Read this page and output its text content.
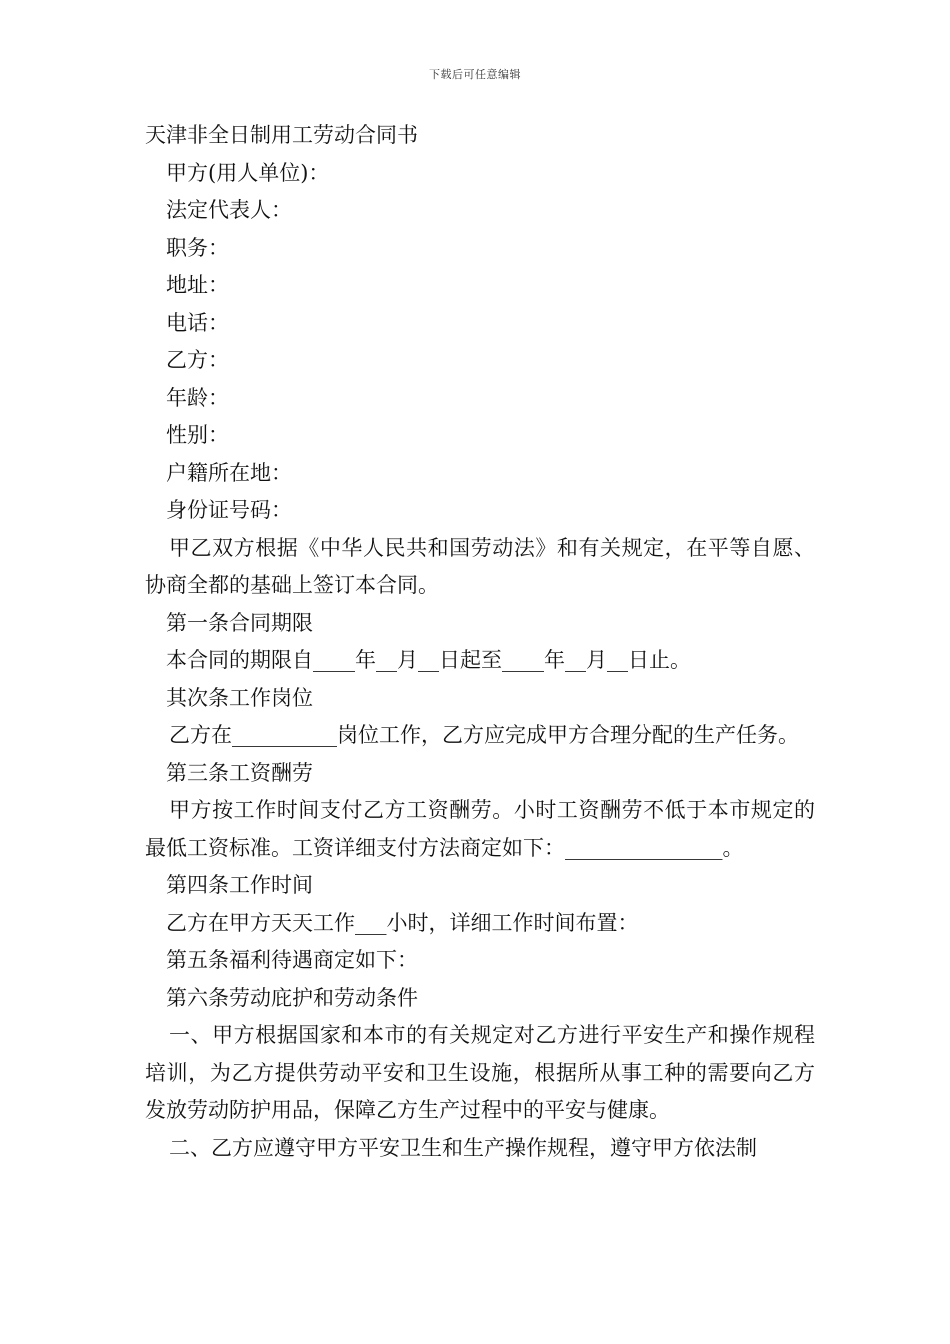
下载后可任意编辑
天津非全日制用工劳动合同书
甲方(用人单位)：
法定代表人：
职务：
地址：
电话：
乙方：
年龄：
性别：
户籍所在地：
身份证号码：

甲乙双方根据《中华人民共和国劳动法》和有关规定，在平等自愿、协商全都的基础上签订本合同。

第一条合同期限
本合同的期限自____年__月__日起至____年__月__日止。
其次条工作岗位

乙方在__________岗位工作，乙方应完成甲方合理分配的生产任务。

第三条工资酬劳

甲方按工作时间支付乙方工资酬劳。小时工资酬劳不低于本市规定的最低工资标准。工资详细支付方法商定如下：_______________。

第四条工作时间
乙方在甲方天天工作___小时，详细工作时间布置：
第五条福利待遇商定如下：
第六条劳动庇护和劳动条件

一、甲方根据国家和本市的有关规定对乙方进行平安生产和操作规程培训，为乙方提供劳动平安和卫生设施，根据所从事工种的需要向乙方发放劳动防护用品，保障乙方生产过程中的平安与健康。

二、乙方应遵守甲方平安卫生和生产操作规程，遵守甲方依法制
